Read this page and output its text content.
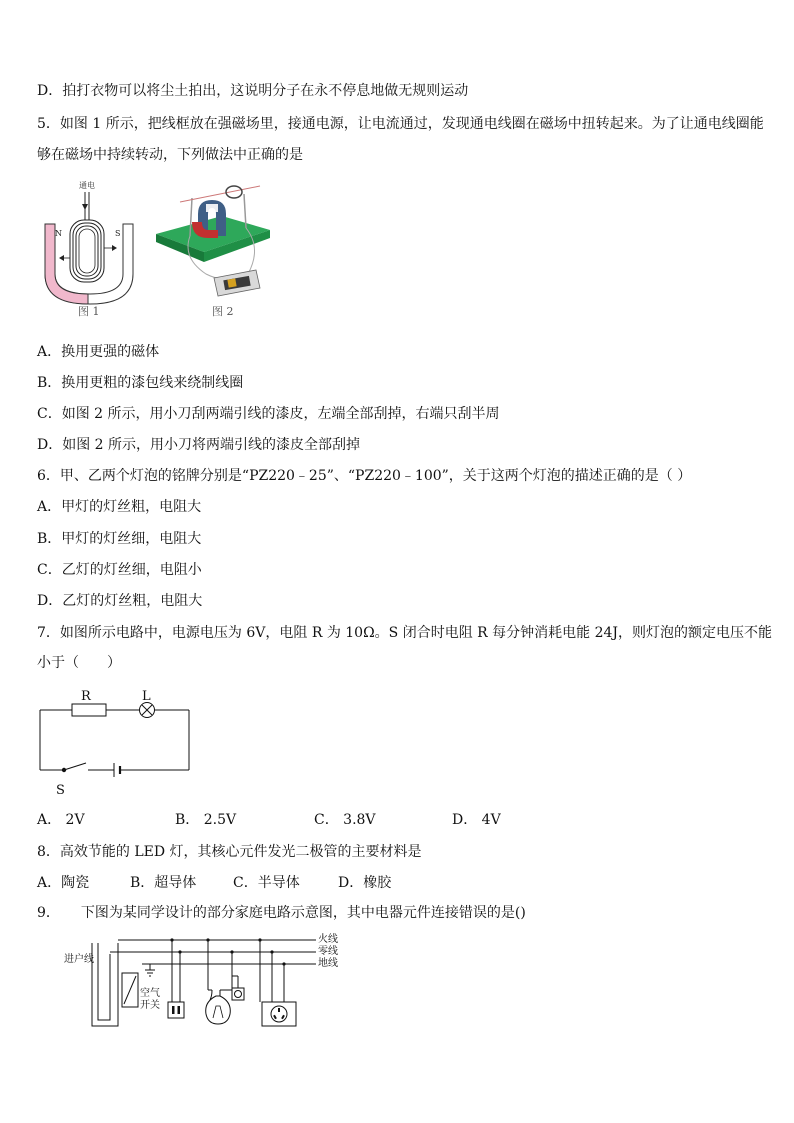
D．拍打衣物可以将尘土拍出，这说明分子在永不停息地做无规则运动
5．如图 1 所示，把线框放在强磁场里，接通电源，让电流通过，发现通电线圈在磁场中扭转起来。为了让通电线圈能
够在磁场中持续转动，下列做法中正确的是
通电
N	S
图 1	图 2
A．换用更强的磁体
B．换用更粗的漆包线来绕制线圈
C．如图 2 所示，用小刀刮两端引线的漆皮，左端全部刮掉，右端只刮半周
D．如图 2 所示，用小刀将两端引线的漆皮全部刮掉
6．甲、乙两个灯泡的铭牌分别是“PZ220﹣25”、“PZ220﹣100”，关于这两个灯泡的描述正确的是（ ）
A．甲灯的灯丝粗，电阻大
B．甲灯的灯丝细，电阻大
C．乙灯的灯丝细，电阻小
D．乙灯的灯丝粗，电阻大
7．如图所示电路中，电源电压为 6V，电阻 R 为 10Ω。S 闭合时电阻 R 每分钟消耗电能 24J，则灯泡的额定电压不能
小于（　　）
R	L
S
A． 2V	B． 2.5V	C． 3.8V	D． 4V
8．高效节能的 LED 灯，其核心元件发光二极管的主要材料是
A．陶瓷	B．超导体	C．半导体	D．橡胶
9．　　下图为某同学设计的部分家庭电路示意图，其中电器元件连接错误的是()
进户线
火线
零线
地线
空气
开关
